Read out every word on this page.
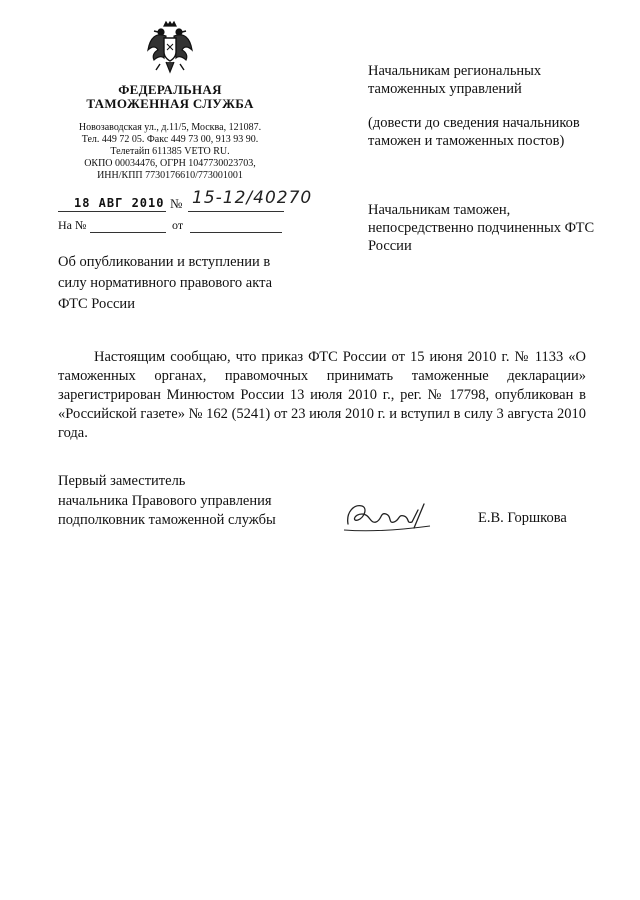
ФЕДЕРАЛЬНАЯ
ТАМОЖЕННАЯ СЛУЖБА
Новозаводская ул., д.11/5, Москва, 121087.
Тел. 449 72 05. Факс 449 73 00, 913 93 90.
Телетайп 611385 VETO RU.
ОКПО 00034476, ОГРН 1047730023703,
ИНН/КПП 7730176610/773001001
18 АВГ 2010 № 15-12/40270
На №	от
Об опубликовании и вступлении в силу нормативного правового акта ФТС России
Начальникам региональных таможенных управлений
(довести до сведения начальников таможен и таможенных постов)
Начальникам таможен, непосредственно подчиненных ФТС России

Настоящим сообщаю, что приказ ФТС России от 15 июня 2010 г. № 1133 «О таможенных органах, правомочных принимать таможенные декларации» зарегистрирован Минюстом России 13 июля 2010 г., рег. № 17798, опубликован в «Российской газете» № 162 (5241) от 23 июля 2010 г. и вступил в силу 3 августа 2010 года.

Первый заместитель
начальника Правового управления
подполковник таможенной службы	Е.В. Горшкова
